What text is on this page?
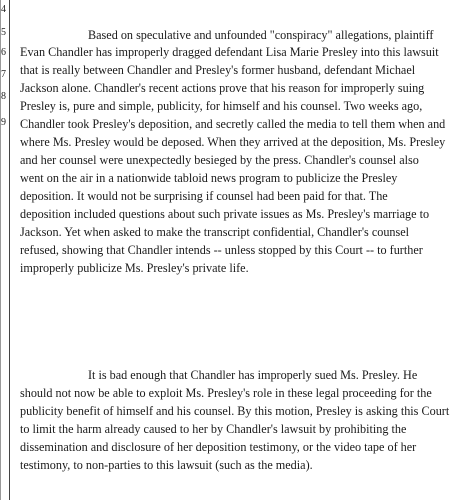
4
5
6
7
8
9
Based on speculative and unfounded "conspiracy" allegations, plaintiff
Evan Chandler has improperly dragged defendant Lisa Marie Presley into this lawsuit
that is really between Chandler and Presley's former husband, defendant Michael
Jackson alone. Chandler's recent actions prove that his reason for improperly suing
Presley is, pure and simple, publicity, for himself and his counsel. Two weeks ago,
Chandler took Presley's deposition, and secretly called the media to tell them when and
where Ms. Presley would be deposed. When they arrived at the deposition, Ms. Presley
and her counsel were unexpectedly besieged by the press. Chandler's counsel also
went on the air in a nationwide tabloid news program to publicize the Presley
deposition. It would not be surprising if counsel had been paid for that. The
deposition included questions about such private issues as Ms. Presley's marriage to
Jackson. Yet when asked to make the transcript confidential, Chandler's counsel
refused, showing that Chandler intends -- unless stopped by this Court -- to further
improperly publicize Ms. Presley's private life.
It is bad enough that Chandler has improperly sued Ms. Presley. He
should not now be able to exploit Ms. Presley's role in these legal proceeding for the
publicity benefit of himself and his counsel. By this motion, Presley is asking this Court
to limit the harm already caused to her by Chandler's lawsuit by prohibiting the
dissemination and disclosure of her deposition testimony, or the video tape of her
testimony, to non-parties to this lawsuit (such as the media).
